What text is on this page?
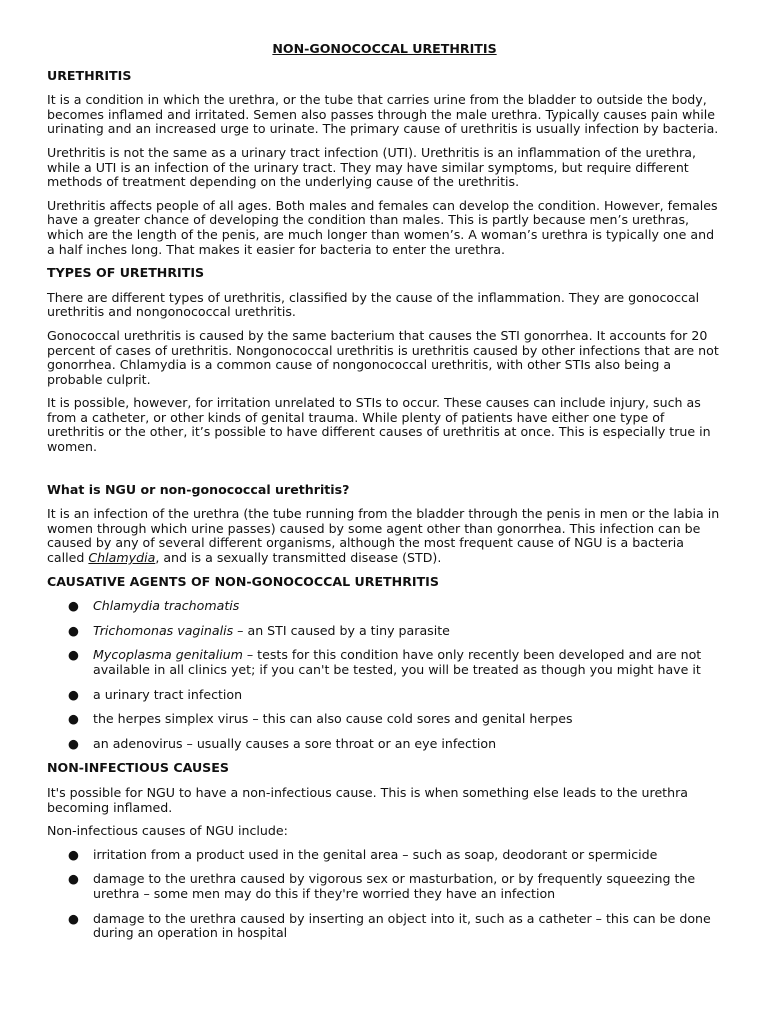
NON-GONOCOCCAL URETHRITIS
URETHRITIS

It is a condition in which the urethra, or the tube that carries urine from the bladder to outside the body, becomes inflamed and irritated. Semen also passes through the male urethra. Typically causes pain while urinating and an increased urge to urinate. The primary cause of urethritis is usually infection by bacteria.

Urethritis is not the same as a urinary tract infection (UTI). Urethritis is an inflammation of the urethra, while a UTI is an infection of the urinary tract. They may have similar symptoms, but require different methods of treatment depending on the underlying cause of the urethritis.

Urethritis affects people of all ages. Both males and females can develop the condition. However, females have a greater chance of developing the condition than males. This is partly because men’s urethras, which are the length of the penis, are much longer than women’s. A woman’s urethra is typically one and a half inches long. That makes it easier for bacteria to enter the urethra.

TYPES OF URETHRITIS

There are different types of urethritis, classified by the cause of the inflammation. They are gonococcal urethritis and nongonococcal urethritis.

Gonococcal urethritis is caused by the same bacterium that causes the STI gonorrhea. It accounts for 20 percent of cases of urethritis. Nongonococcal urethritis is urethritis caused by other infections that are not gonorrhea. Chlamydia is a common cause of nongonococcal urethritis, with other STIs also being a probable culprit.

It is possible, however, for irritation unrelated to STIs to occur. These causes can include injury, such as from a catheter, or other kinds of genital trauma. While plenty of patients have either one type of urethritis or the other, it’s possible to have different causes of urethritis at once. This is especially true in women.

What is NGU or non-gonococcal urethritis?

It is an infection of the urethra (the tube running from the bladder through the penis in men or the labia in women through which urine passes) caused by some agent other than gonorrhea. This infection can be caused by any of several different organisms, although the most frequent cause of NGU is a bacteria called Chlamydia, and is a sexually transmitted disease (STD).

CAUSATIVE AGENTS OF NON-GONOCOCCAL URETHRITIS
● Chlamydia trachomatis
● Trichomonas vaginalis – an STI caused by a tiny parasite
● Mycoplasma genitalium – tests for this condition have only recently been developed and are not available in all clinics yet; if you can't be tested, you will be treated as though you might have it
● a urinary tract infection
● the herpes simplex virus – this can also cause cold sores and genital herpes
● an adenovirus – usually causes a sore throat or an eye infection
NON-INFECTIOUS CAUSES

It's possible for NGU to have a non-infectious cause. This is when something else leads to the urethra becoming inflamed.

Non-infectious causes of NGU include:

● irritation from a product used in the genital area – such as soap, deodorant or spermicide
● damage to the urethra caused by vigorous sex or masturbation, or by frequently squeezing the urethra – some men may do this if they're worried they have an infection
● damage to the urethra caused by inserting an object into it, such as a catheter – this can be done during an operation in hospital
